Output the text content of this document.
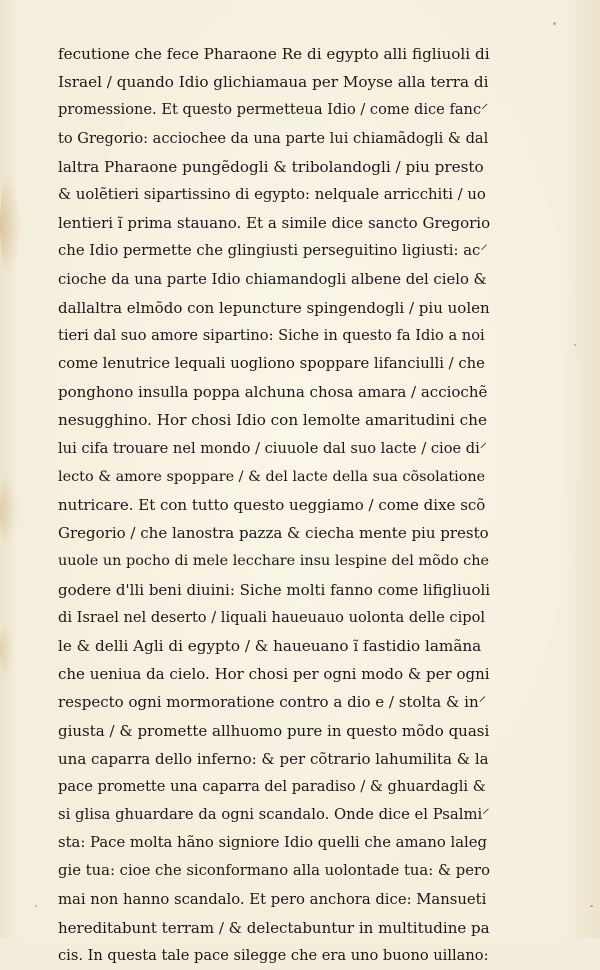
fecutione che fece Pharaone Re di egypto alli figliuoli di
Israel / quando Idio glichiamaua per Moyse alla terra di
promessione. Et questo permetteua Idio / come dice fanc⸍
to Gregorio: acciochee da una parte lui chiamãdogli & dal
laltra Pharaone pungẽdogli & tribolandogli / piu presto
& uolẽtieri sipartissino di egypto: nelquale arricchiti / uo
lentieri ĩ prima stauano. Et a simile dice sancto Gregorio
che Idio permette che glingiusti perseguitino ligiusti: ac⸍
cioche da una parte Idio chiamandogli albene del cielo &
dallaltra elmõdo con lepuncture spingendogli / piu uolen
tieri dal suo amore sipartino: Siche in questo fa Idio a noi
come lenutrice lequali uogliono spoppare lifanciulli / che
ponghono insulla poppa alchuna chosa amara / acciochẽ
nesugghino. Hor chosi Idio con lemolte amaritudini che
lui cifa trouare nel mondo / ciuuole dal suo lacte / cioe di⸍
lecto & amore spoppare / & del lacte della sua cõsolatione
nutricare. Et con tutto questo ueggiamo / come dixe scõ
Gregorio / che lanostra pazza & ciecha mente piu presto
uuole un pocho di mele lecchare insu lespine del mõdo che
godere d'lli beni diuini: Siche molti fanno come lifigliuoli
di Israel nel deserto / liquali haueuauo uolonta delle cipol
le & delli Agli di egypto / & haueuano ĩ fastidio lamãna
che ueniua da cielo. Hor chosi per ogni modo & per ogni
respecto ogni mormoratione contro a dio e / stolta & in⸍
giusta / & promette allhuomo pure in questo mõdo quasi
una caparra dello inferno: & per cõtrario lahumilita & la
pace promette una caparra del paradiso / & ghuardagli &
si glisa ghuardare da ogni scandalo. Onde dice el Psalmi⸍
sta: Pace molta hãno signiore Idio quelli che amano laleg
gie tua: cioe che siconformano alla uolontade tua: & pero
mai non hanno scandalo. Et pero anchora dice: Mansueti
hereditabunt terram / & delectabuntur in multitudine pa
cis. In questa tale pace silegge che era uno buono uillano:
